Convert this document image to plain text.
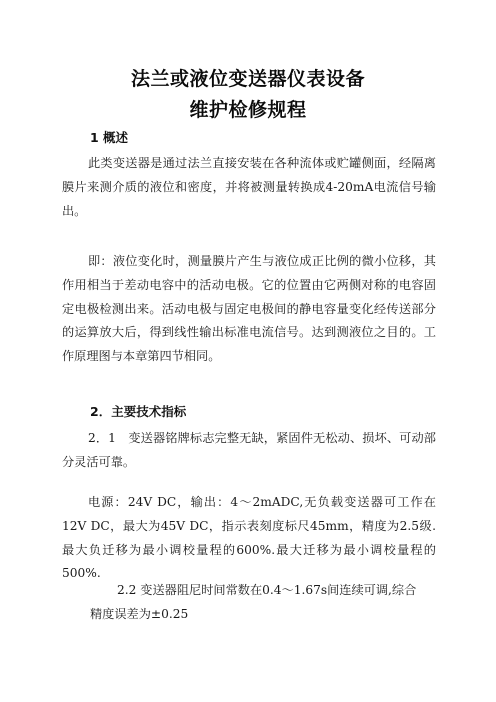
法兰或液位变送器仪表设备
维护检修规程
1 概述

此类变送器是通过法兰直接安装在各种流体或贮罐侧面，经隔离膜片来测介质的液位和密度，并将被测量转换成4-20mA电流信号输出。

即：液位变化时，测量膜片产生与液位成正比例的微小位移，其作用相当于差动电容中的活动电极。它的位置由它两侧对称的电容固定电极检测出来。活动电极与固定电极间的静电容量变化经传送部分的运算放大后，得到线性输出标准电流信号。达到测液位之目的。工作原理图与本章第四节相同。

2．主要技术指标

2．1　变送器铭牌标志完整无缺，紧固件无松动、损坏、可动部分灵活可靠。

电源：24V DC，输出：4～2mADC,无负载变送器可工作在12V DC，最大为45V DC，指示表刻度标尺45mm，精度为2.5级.最大负迁移为最小调校量程的600%.最大迁移为最小调校量程的500%.

2.2 变送器阻尼时间常数在0.4～1.67s间连续可调,综合
精度误差为±0.25
